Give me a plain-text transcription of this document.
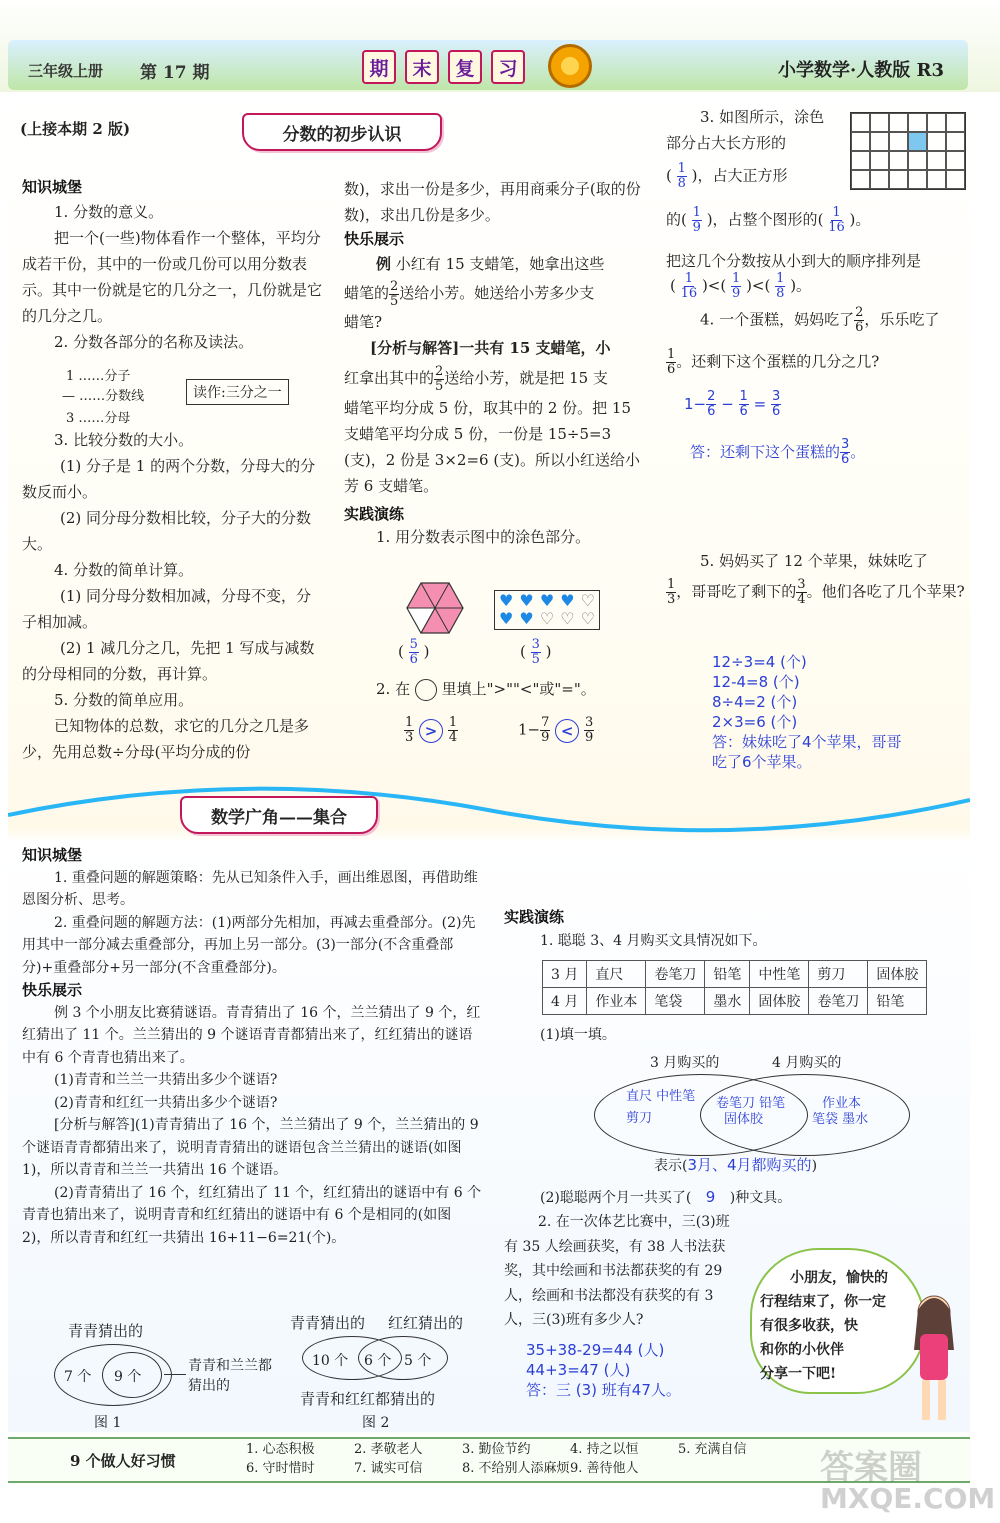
三年级上册 第 17 期	期	末	复	习	小学数学·人教版 R3
(上接本期 2 版)	分数的初步认识
知识城堡
1. 分数的意义。
把一个(一些)物体看作一个整体，平均分成若干份，其中的一份或几份可以用分数表示。其中一份就是它的几分之一，几份就是它的几分之几。
2. 分数各部分的名称及读法。
1 ……分子
— ……分数线
3 ……分母
读作:三分之一
3. 比较分数的大小。
(1) 分子是 1 的两个分数，分母大的分数反而小。
(2) 同分母分数相比较，分子大的分数大。
4. 分数的简单计算。
(1) 同分母分数相加减，分母不变，分子相加减。
(2) 1 减几分之几，先把 1 写成与减数的分母相同的分数，再计算。
5. 分数的简单应用。
已知物体的总数，求它的几分之几是多少，先用总数÷分母(平均分成的份
数)，求出一份是多少，再用商乘分子(取的份数)，求出几份是多少。
快乐展示
例 小红有 15 支蜡笔，她拿出这些
蜡笔的 $\frac{2}{5}$ 送给小芳。她送给小芳多少支
蜡笔?
[分析与解答]一共有 15 支蜡笔，小
红拿出其中的 $\frac{2}{5}$ 送给小芳，就是把 15 支
蜡笔平均分成 5 份，取其中的 2 份。把 15 支蜡笔平均分成 5 份，一份是 15÷5=3 (支)，2 份是 3×2=6 (支)。所以小红送给小芳 6 支蜡笔。
实践演练
1. 用分数表示图中的涂色部分。
♥ ♥ ♥ ♥ ♡
♥ ♥ ♡ ♡ ♡
( $\frac{5}{6}$ )	( $\frac{3}{5}$ )
2. 在 里填上">""<"或"="。
$\frac{1}{3} > \frac{1}{4}$	$1- \frac{7}{9} < \frac{3}{9}$
3. 如图所示，涂色
部分占大长方形的
( $\frac{1}{8}$ )，占大正方形
的( $\frac{1}{9}$ )，占整个图形的( $\frac{1}{16}$ )。
把这几个分数按从小到大的顺序排列是
( $\frac{1}{16}$ )<( $\frac{1}{9}$ )<( $\frac{1}{8}$ )。
4. 一个蛋糕，妈妈吃了 $\frac{2}{6}$ ，乐乐吃了
$\frac{1}{6}$ 。还剩下这个蛋糕的几分之几?
$1- \frac{2}{6} - \frac{1}{6} = \frac{3}{6}$
答：还剩下这个蛋糕的 $\frac{3}{6}$ 。
5. 妈妈买了 12 个苹果，妹妹吃了
$\frac{1}{3}$ ，哥哥吃了剩下的 $\frac{3}{4}$ 。他们各吃了几个苹果?
12÷3=4 (个)
12-4=8 (个)
8÷4=2 (个)
2×3=6 (个)
答：妹妹吃了4个苹果，哥哥
吃了6个苹果。
数学广角——集合
知识城堡
1. 重叠问题的解题策略：先从已知条件入手，画出维恩图，再借助维恩图分析、思考。
2. 重叠问题的解题方法：(1)两部分先相加，再减去重叠部分。(2)先用其中一部分减去重叠部分，再加上另一部分。(3)一部分(不含重叠部分)+重叠部分+另一部分(不含重叠部分)。
快乐展示
例 3 个小朋友比赛猜谜语。青青猜出了 16 个，兰兰猜出了 9 个，红红猜出了 11 个。兰兰猜出的 9 个谜语青青都猜出来了，红红猜出的谜语中有 6 个青青也猜出来了。
(1)青青和兰兰一共猜出多少个谜语?
(2)青青和红红一共猜出多少个谜语?
[分析与解答](1)青青猜出了 16 个，兰兰猜出了 9 个，兰兰猜出的 9 个谜语青青都猜出来了，说明青青猜出的谜语包含兰兰猜出的谜语(如图 1)，所以青青和兰兰一共猜出 16 个谜语。
(2)青青猜出了 16 个，红红猜出了 11 个，红红猜出的谜语中有 6 个青青也猜出来了，说明青青和红红猜出的谜语中有 6 个是相同的(如图 2)，所以青青和红红一共猜出 16+11−6=21(个)。
青青猜出的
7 个 9 个
青青和兰兰都猜出的
图 1
青青猜出的 红红猜出的
10 个 6 个 5 个
青青和红红都猜出的
图 2
实践演练
1. 聪聪 3、4 月购买文具情况如下。
3 月	直尺	卷笔刀	铅笔	中性笔	剪刀	固体胶
4 月	作业本	笔袋	墨水	固体胶	卷笔刀	铅笔
(1)填一填。
3 月购买的	4 月购买的
直尺 中性笔
剪刀
卷笔刀 铅笔
固体胶
作业本
笔袋 墨水
表示(3月、4月都购买的)
(2)聪聪两个月一共买了( 9 )种文具。
2. 在一次体艺比赛中，三(3)班有 35 人绘画获奖，有 38 人书法获奖，其中绘画和书法都获奖的有 29 人，绘画和书法都没有获奖的有 3 人，三(3)班有多少人?
35+38-29=44 (人)
44+3=47 (人)
答：三 (3) 班有47人。
小朋友，愉快的
行程结束了，你一定
有很多收获，快
和你的小伙伴
分享一下吧!
9 个做人好习惯
1. 心态积极	2. 孝敬老人	3. 勤俭节约	4. 持之以恒	5. 充满自信
6. 守时惜时	7. 诚实可信	8. 不给别人添麻烦 9. 善待他人	答案圈
MXQE.COM
